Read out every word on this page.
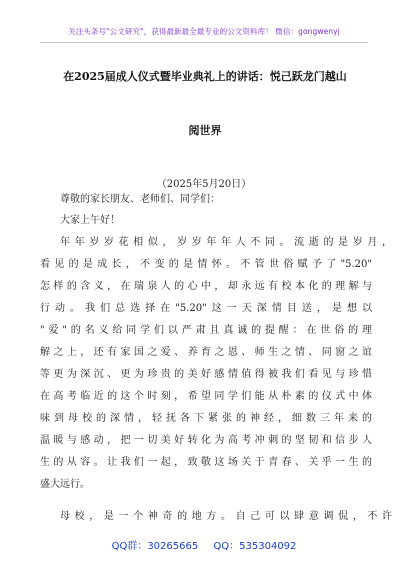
关注头条号"公文研究"，获得最新最全最专业的公文资料库！ 微信：gongwenyj
在2025届成人仪式暨毕业典礼上的讲话：悦己跃龙门越山
阅世界
（2025年5月20日）
尊敬的家长朋友、老师们、同学们：
大家上午好！
年年岁岁花相似，岁岁年年人不同。流逝的是岁月，
看见的是成长，不变的是情怀。不管世俗赋予了"5.20"
怎样的含义，在瑞泉人的心中，却永远有校本化的理解与
行动。我们总选择在"5.20"这一天深情目送，是想以
"爱"的名义给同学们以严肃且真诚的提醒：在世俗的理
解之上，还有家国之爱、养育之恩、师生之情、同窗之谊
等更为深沉、更为珍贵的美好感情值得被我们看见与珍惜
在高考临近的这个时刻，希望同学们能从朴素的仪式中体
味到母校的深情，轻抚各下紧张的神经，细数三年来的
温暖与感动，把一切美好转化为高考冲刺的坚韧和信步人
生的从容。让我们一起，致敬这场关于青春、关乎一生的
盛大远行。
母校，是一个神奇的地方。自己可以肆意调侃，不许
QQ群：30265665 QQ：535304092
